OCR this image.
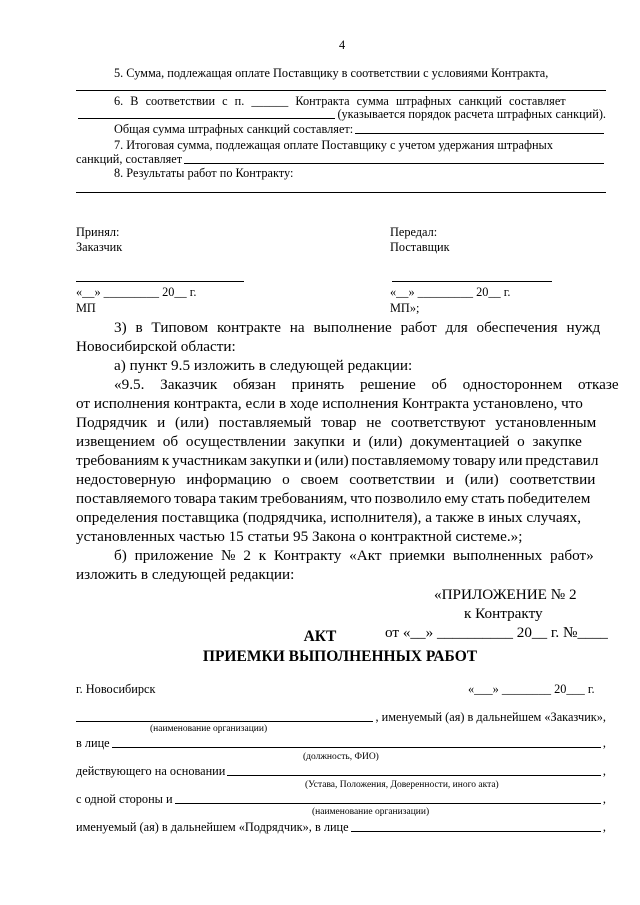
4
5. Сумма, подлежащая оплате Поставщику в соответствии с условиями Контракта,
6. В соответствии с п. ______ Контракта сумма штрафных санкций составляет
(указывается порядок расчета штрафных санкций).
Общая сумма штрафных санкций составляет:
7. Итоговая сумма, подлежащая оплате Поставщику с учетом удержания штрафных
санкций, составляет
8. Результаты работ по Контракту:
Принял:
Заказчик
Передал:
Поставщик
«__» _________ 20__ г.	«__» _________ 20__ г.
МП	МП»;
3) в Типовом контракте на выполнение работ для обеспечения нужд
Новосибирской области:
а) пункт 9.5 изложить в следующей редакции:
«9.5. Заказчик обязан принять решение об одностороннем отказе
от исполнения контракта, если в ходе исполнения Контракта установлено, что
Подрядчик и (или) поставляемый товар не соответствуют установленным
извещением об осуществлении закупки и (или) документацией о закупке
требованиям к участникам закупки и (или) поставляемому товару или представил
недостоверную информацию о своем соответствии и (или) соответствии
поставляемого товара таким требованиям, что позволило ему стать победителем
определения поставщика (подрядчика, исполнителя), а также в иных случаях,
установленных частью 15 статьи 95 Закона о контрактной системе.»;
б) приложение № 2 к Контракту «Акт приемки выполненных работ»
изложить в следующей редакции:
«ПРИЛОЖЕНИЕ № 2
к Контракту
от «__» __________ 20__ г. №____
АКТ
ПРИЕМКИ ВЫПОЛНЕННЫХ РАБОТ
г. Новосибирск	«___» ________ 20___ г.
, именуемый (ая) в дальнейшем «Заказчик»,
(наименование организации)
в лице	,
(должность, ФИО)
действующего на основании	,
(Устава, Положения, Доверенности, иного акта)
с одной стороны и	,
(наименование организации)
именуемый (ая) в дальнейшем «Подрядчик», в лице	,
